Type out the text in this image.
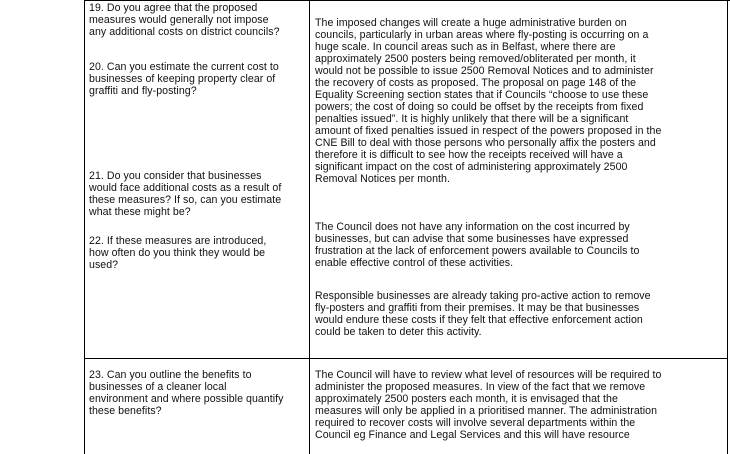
19. Do you agree that the proposed
measures would generally not impose
any additional costs on district councils?
20. Can you estimate the current cost to
businesses of keeping property clear of
graffiti and fly-posting?
21. Do you consider that businesses
would face additional costs as a result of
these measures? If so, can you estimate
what these might be?
22. If these measures are introduced,
how often do you think they would be
used?
23. Can you outline the benefits to
businesses of a cleaner local
environment and where possible quantify
these benefits?
The imposed changes will create a huge administrative burden on
councils, particularly in urban areas where fly-posting is occurring on a
huge scale. In council areas such as in Belfast, where there are
approximately 2500 posters being removed/obliterated per month, it
would not be possible to issue 2500 Removal Notices and to administer
the recovery of costs as proposed. The proposal on page 148 of the
Equality Screening section states that if Councils “choose to use these
powers; the cost of doing so could be offset by the receipts from fixed
penalties issued”. It is highly unlikely that there will be a significant
amount of fixed penalties issued in respect of the powers proposed in the
CNE Bill to deal with those persons who personally affix the posters and
therefore it is difficult to see how the receipts received will have a
significant impact on the cost of administering approximately 2500
Removal Notices per month.
The Council does not have any information on the cost incurred by
businesses, but can advise that some businesses have expressed
frustration at the lack of enforcement powers available to Councils to
enable effective control of these activities.
Responsible businesses are already taking pro-active action to remove
fly-posters and graffiti from their premises. It may be that businesses
would endure these costs if they felt that effective enforcement action
could be taken to deter this activity.
The Council will have to review what level of resources will be required to
administer the proposed measures. In view of the fact that we remove
approximately 2500 posters each month, it is envisaged that the
measures will only be applied in a prioritised manner. The administration
required to recover costs will involve several departments within the
Council eg Finance and Legal Services and this will have resource
